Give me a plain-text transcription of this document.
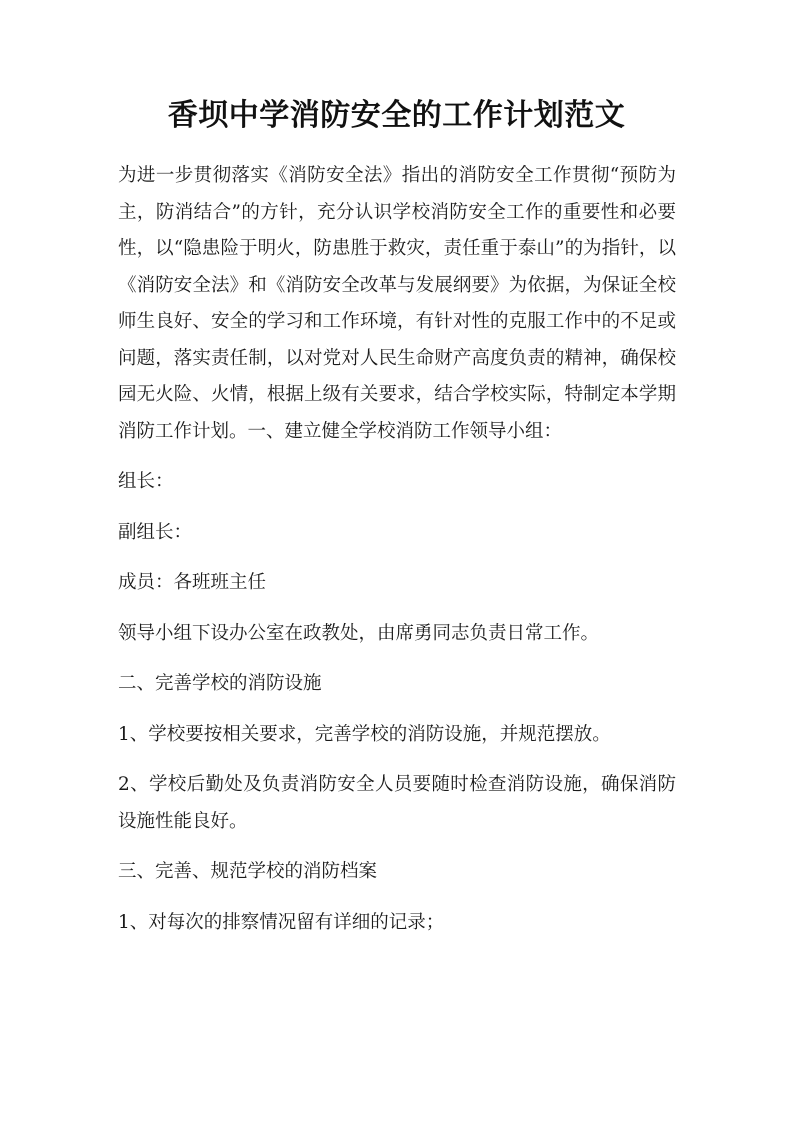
香坝中学消防安全的工作计划范文

为进一步贯彻落实《消防安全法》指出的消防安全工作贯彻“预防为主，防消结合”的方针，充分认识学校消防安全工作的重要性和必要性，以“隐患险于明火，防患胜于救灾，责任重于泰山”的为指针，以《消防安全法》和《消防安全改革与发展纲要》为依据，为保证全校师生良好、安全的学习和工作环境，有针对性的克服工作中的不足或问题，落实责任制，以对党对人民生命财产高度负责的精神，确保校园无火险、火情，根据上级有关要求，结合学校实际，特制定本学期消防工作计划。一、建立健全学校消防工作领导小组：

组长：

副组长：

成员：各班班主任

领导小组下设办公室在政教处，由席勇同志负责日常工作。

二、完善学校的消防设施

1、学校要按相关要求，完善学校的消防设施，并规范摆放。

2、学校后勤处及负责消防安全人员要随时检查消防设施，确保消防设施性能良好。

三、完善、规范学校的消防档案

1、对每次的排察情况留有详细的记录；
